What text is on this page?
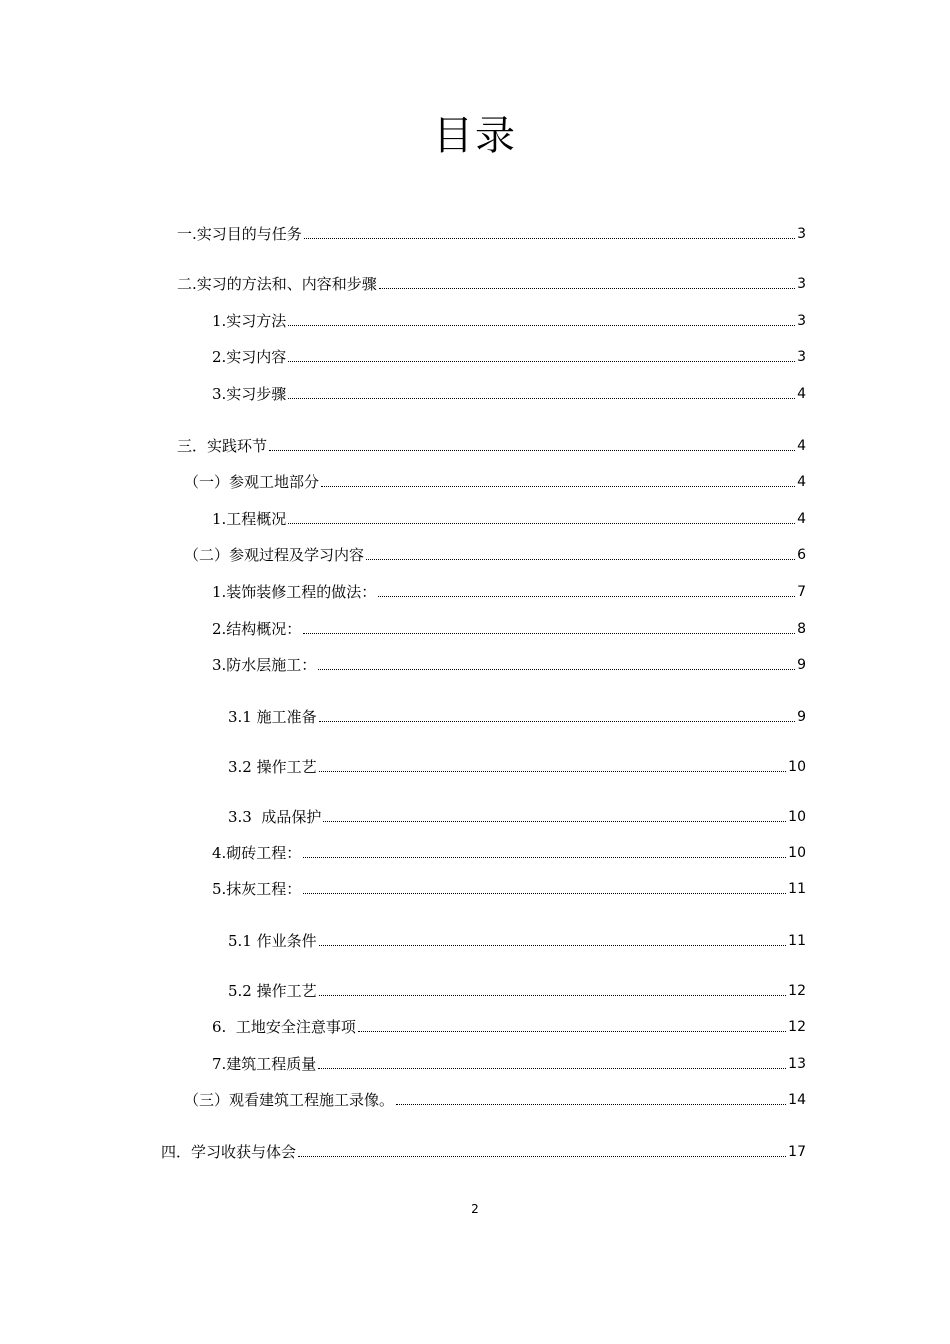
目录
一.实习目的与任务	3
二.实习的方法和、内容和步骤	3
1.实习方法	3
2.实习内容	3
3.实习步骤	4
三．实践环节	4
（一）参观工地部分	4
1.工程概况	4
（二）参观过程及学习内容	6
1.装饰装修工程的做法：	7
2.结构概况：	8
3.防水层施工：	9
3.1 施工准备	9
3.2 操作工艺	10
3.3  成品保护	10
4.砌砖工程：	10
5.抹灰工程：	11
5.1 作业条件	11
5.2 操作工艺	12
6.  工地安全注意事项	12
7.建筑工程质量	13
（三）观看建筑工程施工录像。	14
四．学习收获与体会	17
2
